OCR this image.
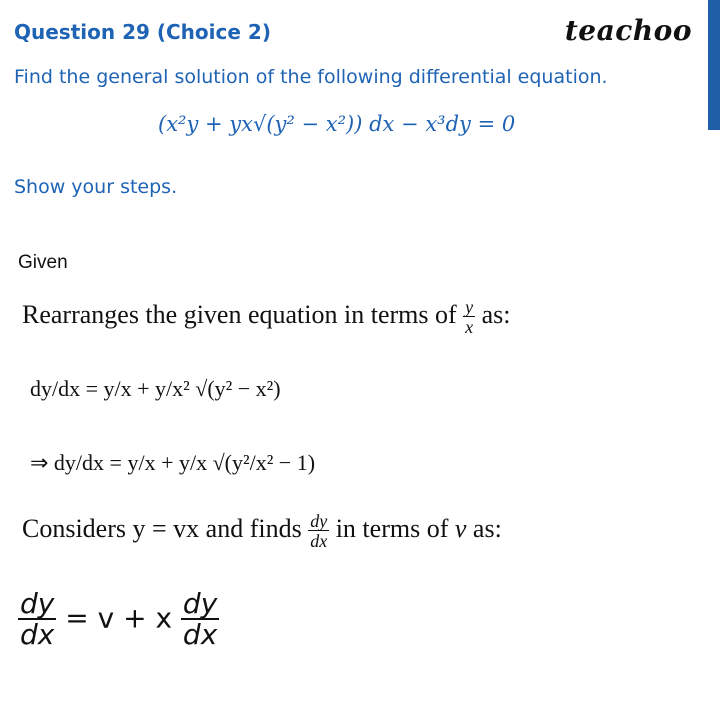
Question 29 (Choice 2)	teachoo
Find the general solution of the following differential equation.
(x²y + yx√(y² − x²)) dx − x³dy = 0
Show your steps.
Given
Rearranges the given equation in terms of $\frac{y}{x}$ as:
dy/dx = y/x + y/x² √(y² − x²)
⇒ dy/dx = y/x + y/x √(y²/x² − 1)
Considers y = vx and finds $\frac{dy}{dx}$ in terms of v as:
$\frac{dy}{dx} = v + x \frac{dy}{dx}$
